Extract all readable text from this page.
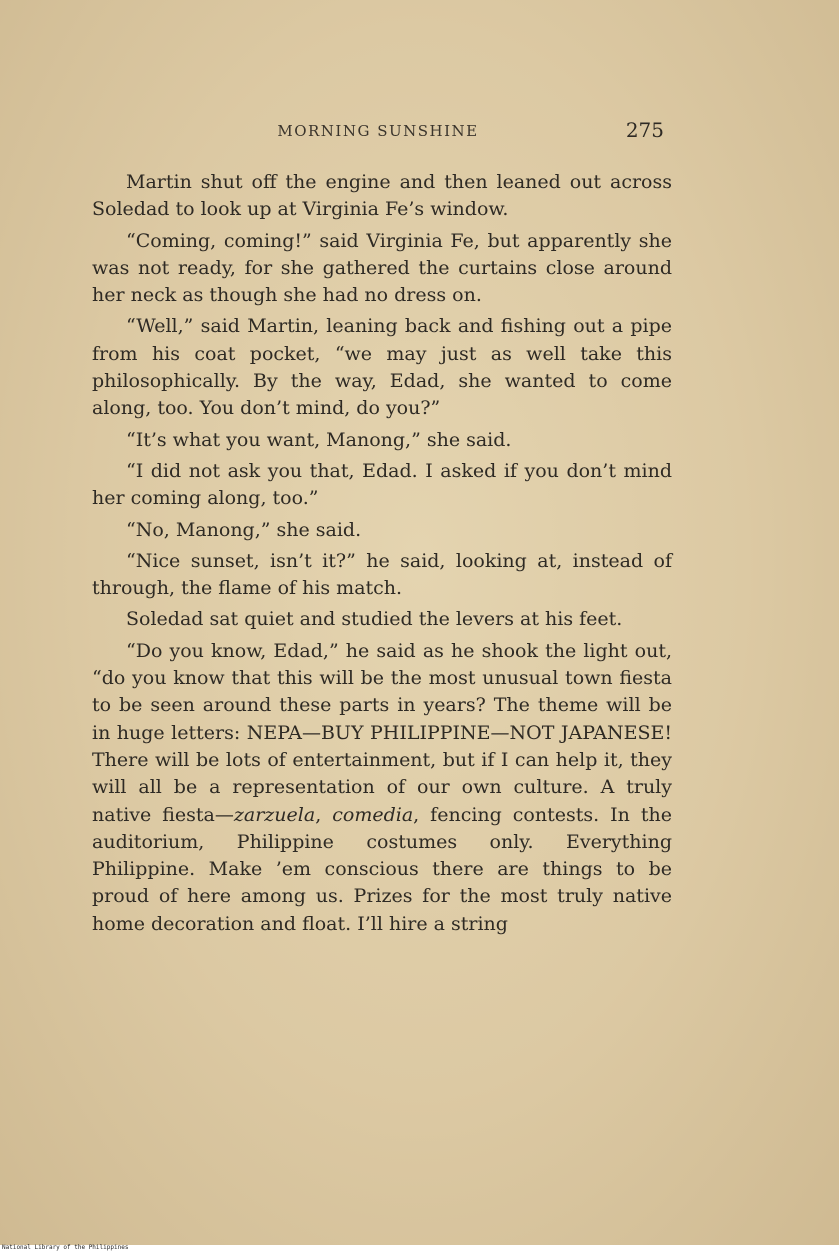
MORNING SUNSHINE	275

Martin shut off the engine and then leaned out across Soledad to look up at Virginia Fe’s window.

“Coming, coming!” said Virginia Fe, but apparently she was not ready, for she gathered the curtains close around her neck as though she had no dress on.

“Well,” said Martin, leaning back and fishing out a pipe from his coat pocket, “we may just as well take this philosophically. By the way, Edad, she wanted to come along, too. You don’t mind, do you?”

“It’s what you want, Manong,” she said.

“I did not ask you that, Edad. I asked if you don’t mind her coming along, too.”

“No, Manong,” she said.

“Nice sunset, isn’t it?” he said, looking at, instead of through, the flame of his match.

Soledad sat quiet and studied the levers at his feet.

“Do you know, Edad,” he said as he shook the light out, “do you know that this will be the most unusual town fiesta to be seen around these parts in years? The theme will be in huge letters: NEPA—BUY PHILIPPINE—NOT JAPANESE! There will be lots of entertainment, but if I can help it, they will all be a representation of our own culture. A truly native fiesta—zarzuela, comedia, fencing contests. In the auditorium, Philippine costumes only. Everything Philippine. Make ’em conscious there are things to be proud of here among us. Prizes for the most truly native home decoration and float. I’ll hire a string

National Library of the Philippines
